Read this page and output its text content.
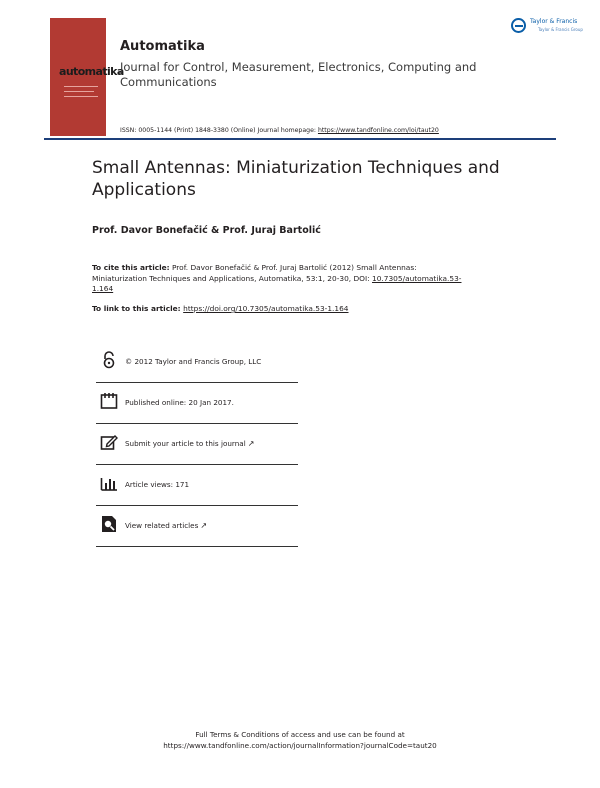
automatika
Taylor & Francis
Taylor & Francis Group
Automatika
Journal for Control, Measurement, Electronics, Computing and Communications
ISSN: 0005-1144 (Print) 1848-3380 (Online) Journal homepage: https://www.tandfonline.com/loi/taut20
Small Antennas: Miniaturization Techniques and Applications
Prof. Davor Bonefačić & Prof. Juraj Bartolić
To cite this article: Prof. Davor Bonefačić & Prof. Juraj Bartolić (2012) Small Antennas: Miniaturization Techniques and Applications, Automatika, 53:1, 20-30, DOI: 10.7305/automatika.53-1.164
To link to this article: https://doi.org/10.7305/automatika.53-1.164
© 2012 Taylor and Francis Group, LLC
Published online: 20 Jan 2017.
Submit your article to this journal ↗
Article views: 171
View related articles ↗
Full Terms & Conditions of access and use can be found at
https://www.tandfonline.com/action/journalInformation?journalCode=taut20
